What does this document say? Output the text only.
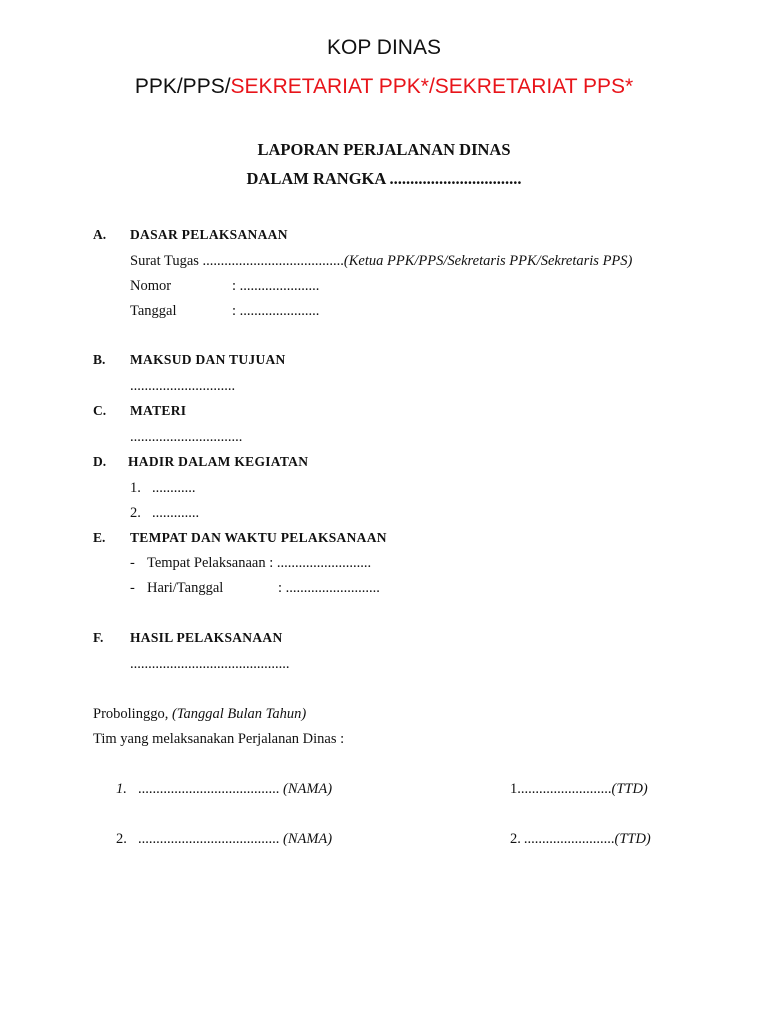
KOP DINAS
PPK/PPS/SEKRETARIAT PPK*/SEKRETARIAT PPS*
LAPORAN PERJALANAN DINAS
DALAM RANGKA ................................
A. DASAR PELAKSANAAN
Surat Tugas .......................................(Ketua PPK/PPS/Sekretaris PPK/Sekretaris PPS)
Nomor	: ......................
Tanggal	: ......................
B. MAKSUD DAN TUJUAN
.............................
C. MATERI
...............................
D. HADIR DALAM KEGIATAN
1. ............
2. .............
E. TEMPAT DAN WAKTU PELAKSANAAN
- Tempat Pelaksanaan : ..........................
- Hari/Tanggal	: ..........................
F. HASIL PELAKSANAAN
............................................
Probolinggo, (Tanggal Bulan Tahun)
Tim yang melaksanakan Perjalanan Dinas :
1. ....................................... (NAMA)	1..........................(TTD)
2. ....................................... (NAMA)	2. .........................(TTD)
